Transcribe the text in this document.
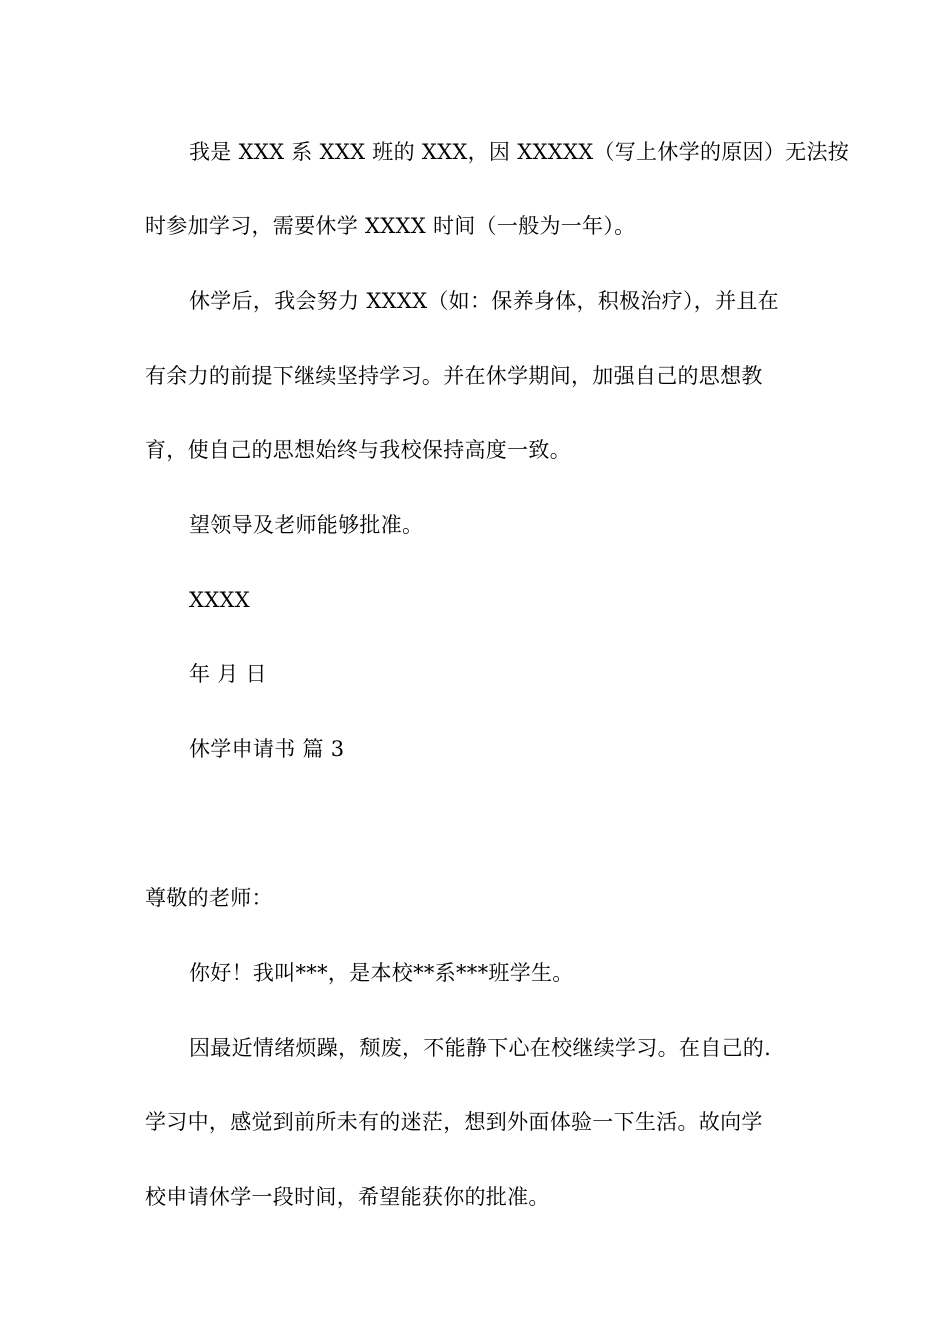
我是 XXX 系 XXX 班的 XXX，因 XXXXX（写上休学的原因）无法按
时参加学习，需要休学 XXXX 时间（一般为一年）。
休学后，我会努力 XXXX（如：保养身体，积极治疗），并且在
有余力的前提下继续坚持学习。并在休学期间，加强自己的思想教
育，使自己的思想始终与我校保持高度一致。
望领导及老师能够批准。
XXXX
年 月 日
休学申请书 篇 3
尊敬的老师：
你好！我叫***，是本校**系***班学生。
因最近情绪烦躁，颓废，不能静下心在校继续学习。在自己的.
学习中，感觉到前所未有的迷茫，想到外面体验一下生活。故向学
校申请休学一段时间，希望能获你的批准。
